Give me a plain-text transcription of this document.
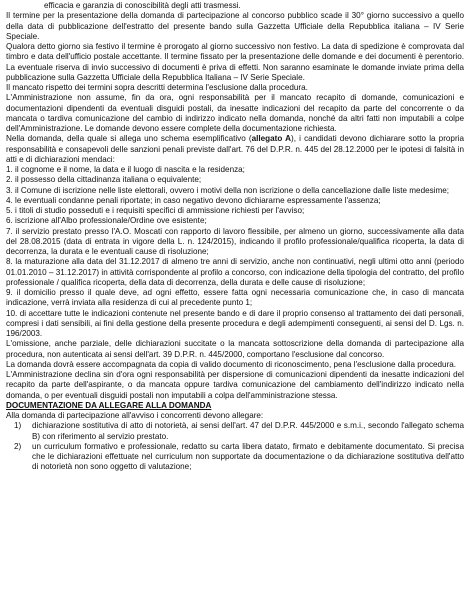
efficacia e garanzia di conoscibilità degli atti trasmessi.

Il termine per la presentazione della domanda di partecipazione al concorso pubblico scade il 30° giorno successivo a quello della data di pubblicazione dell'estratto del presente bando sulla Gazzetta Ufficiale della Repubblica italiana – IV Serie Speciale.

Qualora detto giorno sia festivo il termine è prorogato al giorno successivo non festivo. La data di spedizione è comprovata dal timbro e data dell'ufficio postale accettante. Il termine fissato per la presentazione delle domande e dei documenti è perentorio. La eventuale riserva di invio successivo di documenti è priva di effetti. Non saranno esaminate le domande inviate prima della pubblicazione sulla Gazzetta Ufficiale della Repubblica Italiana – IV Serie Speciale.

Il mancato rispetto dei termini sopra descritti determina l'esclusione dalla procedura.

L'Amministrazione non assume, fin da ora, ogni responsabilità per il mancato recapito di domande, comunicazioni e documentazioni dipendenti da eventuali disguidi postali, da inesatte indicazioni del recapito da parte del concorrente o da mancata o tardiva comunicazione del cambio di indirizzo indicato nella domanda, nonché da altri fatti non imputabili a colpe dell'Amministrazione. Le domande devono essere complete della documentazione richiesta.

Nella domanda, della quale si allega uno schema esemplificativo (allegato A), i candidati devono dichiarare sotto la propria responsabilità e consapevoli delle sanzioni penali previste dall'art. 76 del D.P.R. n. 445 del 28.12.2000 per le ipotesi di falsità in atti e di dichiarazioni mendaci:

1. il cognome e il nome, la data e il luogo di nascita e la residenza;

2. il possesso della cittadinanza italiana o equivalente;

3. il Comune di iscrizione nelle liste elettorali, ovvero i motivi della non iscrizione o della cancellazione dalle liste medesime;

4. le eventuali condanne penali riportate; in caso negativo devono dichiararne espressamente l'assenza;

5. i titoli di studio posseduti e i requisiti specifici di ammissione richiesti per l'avviso;

6. iscrizione all'Albo professionale/Ordine ove esistente;

7. il servizio prestato presso l'A.O. Moscati con rapporto di lavoro flessibile, per almeno un giorno, successivamente alla data del 28.08.2015 (data di entrata in vigore della L. n. 124/2015), indicando il profilo professionale/qualifica ricoperta, la data di decorrenza, la durata e le eventuali cause di risoluzione;

8. la maturazione alla data del 31.12.2017 di almeno tre anni di servizio, anche non continuativi, negli ultimi otto anni (periodo 01.01.2010 – 31.12.2017) in attività corrispondente al profilo a concorso, con indicazione della tipologia del contratto, del profilo professionale / qualifica ricoperta, della data di decorrenza, della durata e delle cause di risoluzione;

9. il domicilio presso il quale deve, ad ogni effetto, essere fatta ogni necessaria comunicazione che, in caso di mancata indicazione, verrà inviata alla residenza di cui al precedente punto 1;

10. di accettare tutte le indicazioni contenute nel presente bando e di dare il proprio consenso al trattamento dei dati personali, compresi i dati sensibili, ai fini della gestione della presente procedura e degli adempimenti conseguenti, ai sensi del D. Lgs. n. 196/2003.

L'omissione, anche parziale, delle dichiarazioni succitate o la mancata sottoscrizione della domanda di partecipazione alla procedura, non autenticata ai sensi dell'art. 39 D.P.R. n. 445/2000, comportano l'esclusione dal concorso.

La domanda dovrà essere accompagnata da copia di valido documento di riconoscimento, pena l'esclusione dalla procedura.

L'Amministrazione declina sin d'ora ogni responsabilità per dispersione di comunicazioni dipendenti da inesatte indicazioni del recapito da parte dell'aspirante, o da mancata oppure tardiva comunicazione del cambiamento dell'indirizzo indicato nella domanda, o per eventuali disguidi postali non imputabili a colpa dell'amministrazione stessa.

DOCUMENTAZIONE DA ALLEGARE ALLA DOMANDA

Alla domanda di partecipazione all'avviso i concorrenti devono allegare:

1)	dichiarazione sostitutiva di atto di notorietà, ai sensi dell'art. 47 del D.P.R. 445/2000 e s.m.i., secondo l'allegato schema B) con riferimento al servizio prestato.
2)	un curriculum formativo e professionale, redatto su carta libera datato, firmato e debitamente documentato. Si precisa che le dichiarazioni effettuate nel curriculum non supportate da documentazione o da dichiarazione sostitutiva dell'atto di notorietà non sono oggetto di valutazione;
